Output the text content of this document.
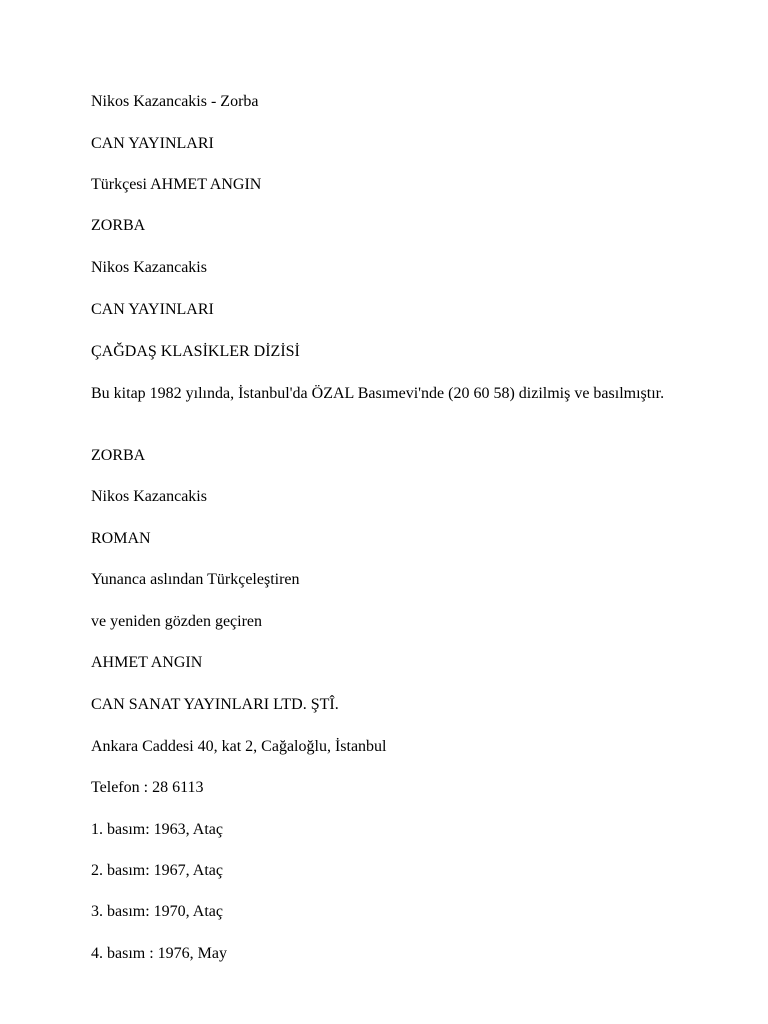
Nikos Kazancakis - Zorba

CAN YAYINLARI

Türkçesi AHMET ANGIN

ZORBA

Nikos Kazancakis

CAN YAYINLARI

ÇAĞDAŞ KLASİKLER DİZİSİ

Bu kitap 1982 yılında, İstanbul'da ÖZAL Basımevi'nde (20 60 58) dizilmiş ve basılmıştır.

ZORBA

Nikos Kazancakis

ROMAN

Yunanca aslından Türkçeleştiren

ve yeniden gözden geçiren

AHMET ANGIN

CAN SANAT YAYINLARI LTD. ŞTÎ.

Ankara Caddesi 40, kat 2, Cağaloğlu, İstanbul

Telefon : 28 6113

1. basım: 1963, Ataç

2. basım: 1967, Ataç

3. basım: 1970, Ataç

4. basım : 1976, May
